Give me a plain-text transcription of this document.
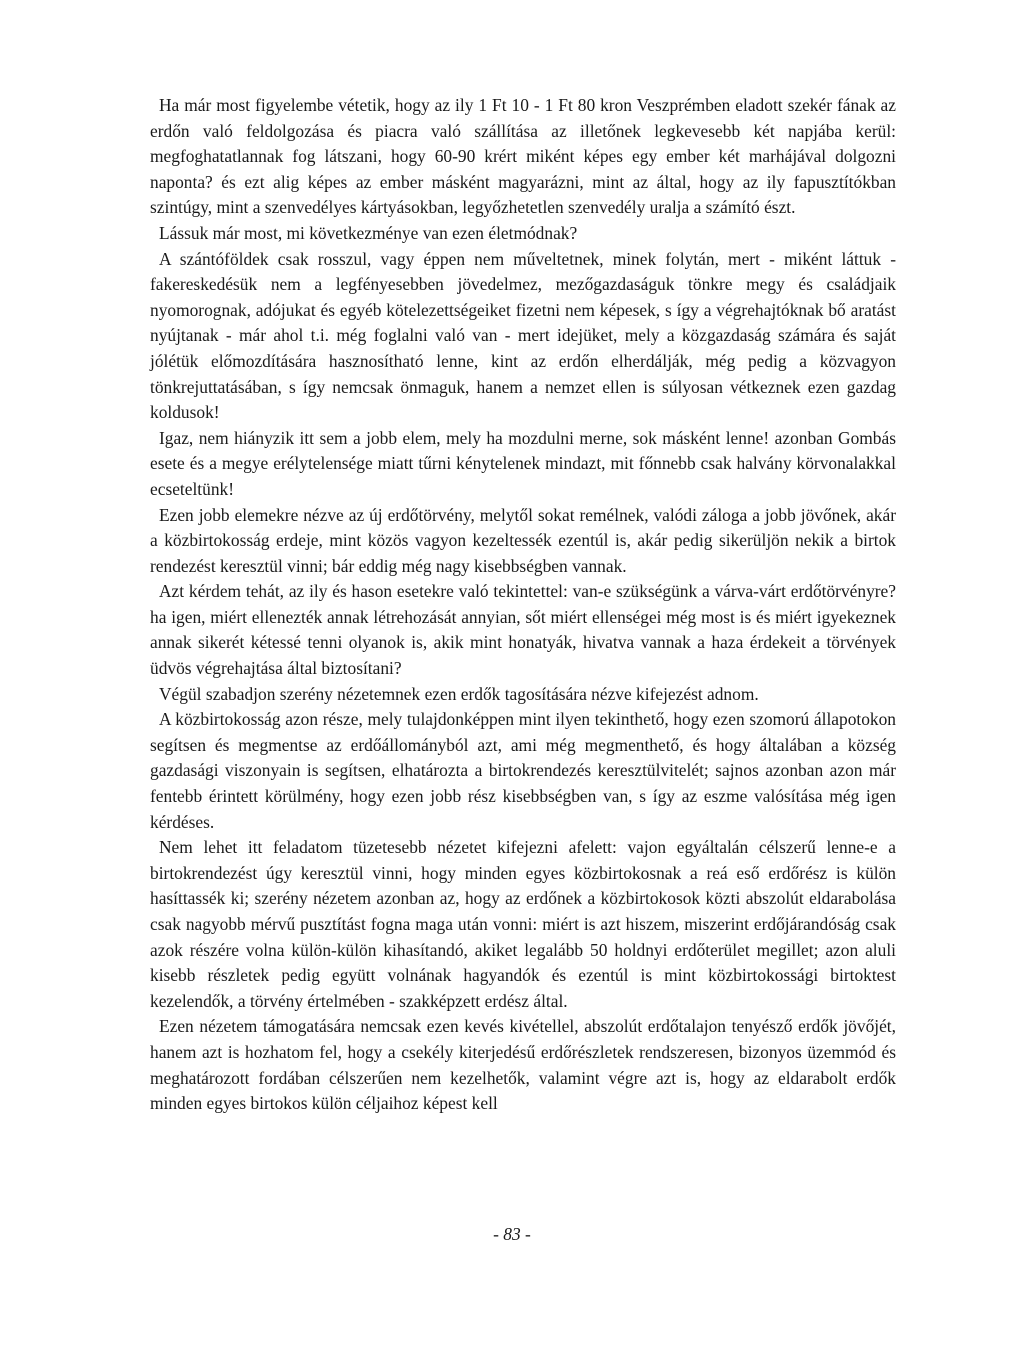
Ha már most figyelembe vétetik, hogy az ily 1 Ft 10 - 1 Ft 80 kron Veszprémben eladott szekér fának az erdőn való feldolgozása és piacra való szállítása az illetőnek legkevesebb két napjába kerül: megfoghatatlannak fog látszani, hogy 60-90 krért miként képes egy ember két marhájával dolgozni naponta? és ezt alig képes az ember másként magyarázni, mint az által, hogy az ily fapusztítókban szintúgy, mint a szenvedélyes kártyásokban, legyőzhetetlen szenvedély uralja a számító észt.

Lássuk már most, mi következménye van ezen életmódnak?

A szántóföldek csak rosszul, vagy éppen nem műveltetnek, minek folytán, mert - miként láttuk - fakereskedésük nem a legfényesebben jövedelmez, mezőgazdaságuk tönkre megy és családjaik nyomorognak, adójukat és egyéb kötelezettségeiket fizetni nem képesek, s így a végrehajtóknak bő aratást nyújtanak - már ahol t.i. még foglalni való van - mert idejüket, mely a közgazdaság számára és saját jólétük előmozdítására hasznosítható lenne, kint az erdőn elherdálják, még pedig a közvagyon tönkrejuttatásában, s így nemcsak önmaguk, hanem a nemzet ellen is súlyosan vétkeznek ezen gazdag koldusok!

Igaz, nem hiányzik itt sem a jobb elem, mely ha mozdulni merne, sok másként lenne! azonban Gombás esete és a megye erélytelensége miatt tűrni kénytelenek mindazt, mit főnnebb csak halvány körvonalakkal ecseteltünk!

Ezen jobb elemekre nézve az új erdőtörvény, melytől sokat remélnek, valódi záloga a jobb jövőnek, akár a közbirtokosság erdeje, mint közös vagyon kezeltessék ezentúl is, akár pedig sikerüljön nekik a birtok rendezést keresztül vinni; bár eddig még nagy kisebbségben vannak.

Azt kérdem tehát, az ily és hason esetekre való tekintettel: van-e szükségünk a várva-várt erdőtörvényre? ha igen, miért ellenezték annak létrehozását annyian, sőt miért ellenségei még most is és miért igyekeznek annak sikerét kétessé tenni olyanok is, akik mint honatyák, hivatva vannak a haza érdekeit a törvények üdvös végrehajtása által biztosítani?

Végül szabadjon szerény nézetemnek ezen erdők tagosítására nézve kifejezést adnom.

A közbirtokosság azon része, mely tulajdonképpen mint ilyen tekinthető, hogy ezen szomorú állapotokon segítsen és megmentse az erdőállományból azt, ami még megmenthető, és hogy általában a község gazdasági viszonyain is segítsen, elhatározta a birtokrendezés keresztülvitelét; sajnos azonban azon már fentebb érintett körülmény, hogy ezen jobb rész kisebbségben van, s így az eszme valósítása még igen kérdéses.

Nem lehet itt feladatom tüzetesebb nézetet kifejezni afelett: vajon egyáltalán célszerű lenne-e a birtokrendezést úgy keresztül vinni, hogy minden egyes közbirtokosnak a reá eső erdőrész is külön hasíttassék ki; szerény nézetem azonban az, hogy az erdőnek a közbirtokosok közti abszolút eldarabolása csak nagyobb mérvű pusztítást fogna maga után vonni: miért is azt hiszem, miszerint erdőjárandóság csak azok részére volna külön-külön kihasítandó, akiket legalább 50 holdnyi erdőterület megillet; azon aluli kisebb részletek pedig együtt volnának hagyandók és ezentúl is mint közbirtokossági birtoktest kezelendők, a törvény értelmében - szakképzett erdész által.

Ezen nézetem támogatására nemcsak ezen kevés kivétellel, abszolút erdőtalajon tenyésző erdők jövőjét, hanem azt is hozhatom fel, hogy a csekély kiterjedésű erdőrészletek rendszeresen, bizonyos üzemmód és meghatározott fordában célszerűen nem kezelhetők, valamint végre azt is, hogy az eldarabolt erdők minden egyes birtokos külön céljaihoz képest kell

- 83 -
